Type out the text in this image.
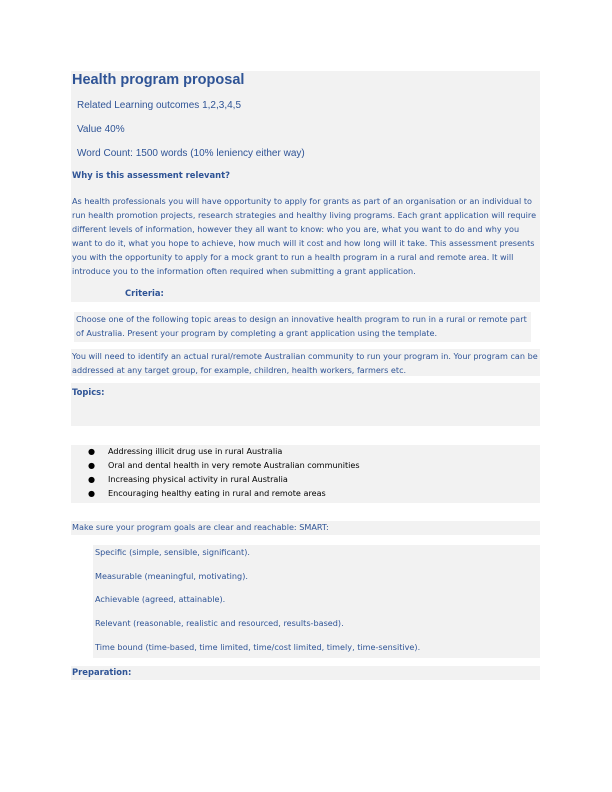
Health program proposal
Related Learning outcomes 1,2,3,4,5
Value 40%
Word Count: 1500 words (10% leniency either way)
Why is this assessment relevant?
As health professionals you will have opportunity to apply for grants as part of an organisation or an individual to run health promotion projects, research strategies and healthy living programs. Each grant application will require different levels of information, however they all want to know: who you are, what you want to do and why you want to do it, what you hope to achieve, how much will it cost and how long will it take. This assessment presents you with the opportunity to apply for a mock grant to run a health program in a rural and remote area. It will introduce you to the information often required when submitting a grant application.
Criteria:
Choose one of the following topic areas to design an innovative health program to run in a rural or remote part of Australia. Present your program by completing a grant application using the template.
You will need to identify an actual rural/remote Australian community to run your program in. Your program can be addressed at any target group, for example, children, health workers, farmers etc.
Topics:
● Addressing illicit drug use in rural Australia
● Oral and dental health in very remote Australian communities
● Increasing physical activity in rural Australia
● Encouraging healthy eating in rural and remote areas
Make sure your program goals are clear and reachable: SMART:
Specific (simple, sensible, significant).
Measurable (meaningful, motivating).
Achievable (agreed, attainable).
Relevant (reasonable, realistic and resourced, results-based).
Time bound (time-based, time limited, time/cost limited, timely, time-sensitive).
Preparation:
